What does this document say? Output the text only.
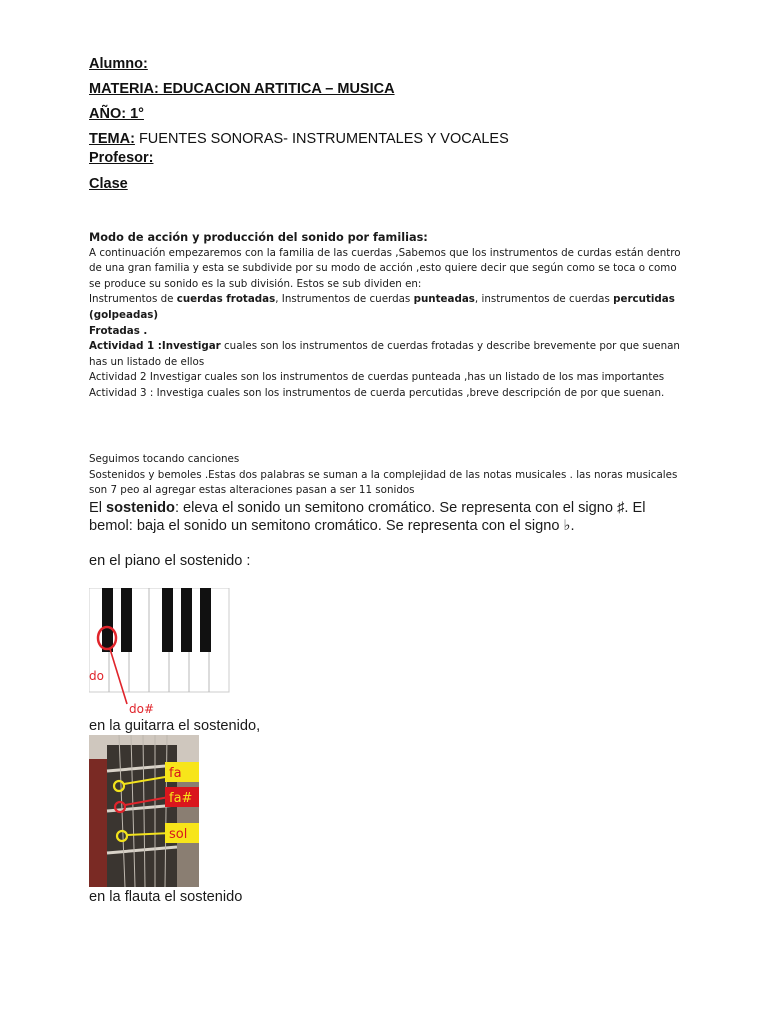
Alumno:
MATERIA: EDUCACION ARTITICA – MUSICA
AÑO: 1°
TEMA: FUENTES SONORAS- INSTRUMENTALES Y VOCALES
Profesor:
Clase

Modo de acción y producción del sonido por familias:

A continuación empezaremos con la familia de las cuerdas ,Sabemos que los instrumentos de curdas están dentro de una gran familia y esta se subdivide por su modo de acción ,esto quiere decir que según como se toca o como se produce su sonido es la sub división. Estos se sub dividen en:

Instrumentos de cuerdas frotadas, Instrumentos de cuerdas punteadas, instrumentos de cuerdas percutidas (golpeadas)

Frotadas .

Actividad 1 :Investigar cuales son los instrumentos de cuerdas frotadas y describe brevemente por que suenan has un listado de ellos

Actividad 2 Investigar cuales son los instrumentos de cuerdas punteada ,has un listado de los mas importantes

Actividad 3 : Investiga cuales son los instrumentos de cuerda percutidas ,breve descripción de por que suenan.

Seguimos tocando canciones

Sostenidos y bemoles .Estas dos palabras se suman a la complejidad de las notas musicales . las noras musicales son 7 peo al agregar estas alteraciones pasan a ser 11 sonidos

El sostenido: eleva el sonido un semitono cromático. Se representa con el signo ♯. El bemol: baja el sonido un semitono cromático. Se representa con el signo ♭.

en el piano el sostenido :
do
do#
en la guitarra el sostenido,
fa
fa#
sol
en la flauta el sostenido
